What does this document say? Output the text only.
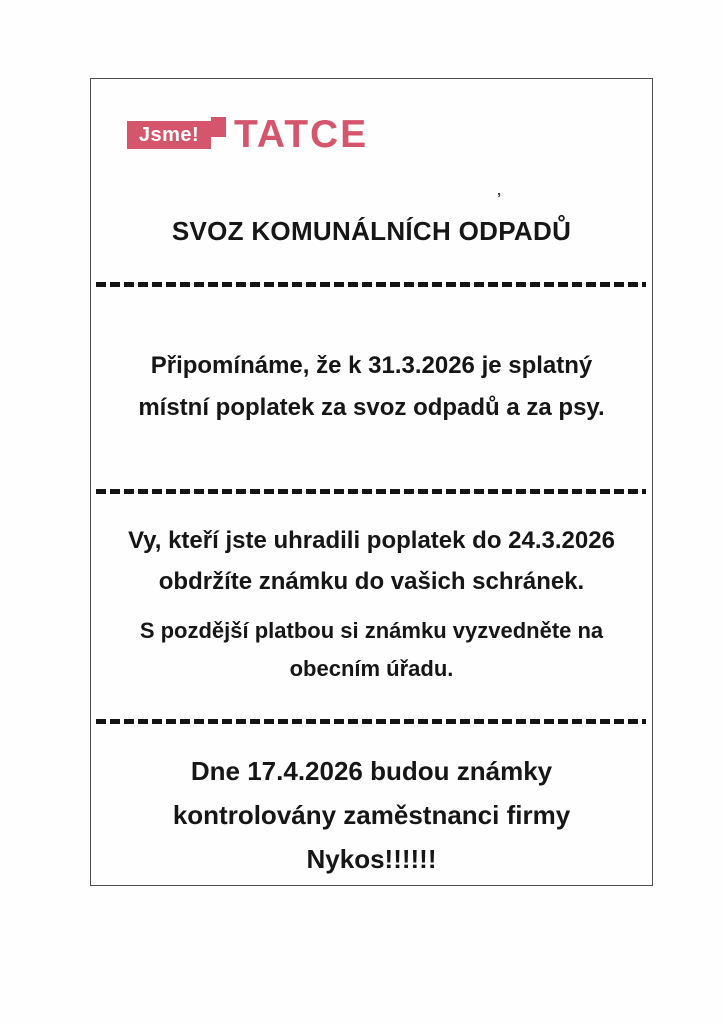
Jsme! TATCE
’
SVOZ KOMUNÁLNÍCH ODPADŮ
Připomínáme, že k 31.3.2026 je splatný
místní poplatek za svoz odpadů a za psy.
Vy, kteří jste uhradili poplatek do 24.3.2026
obdržíte známku do vašich schránek.
S pozdější platbou si známku vyzvedněte na
obecním úřadu.
Dne 17.4.2026 budou známky
kontrolovány zaměstnanci firmy
Nykos!!!!!!
